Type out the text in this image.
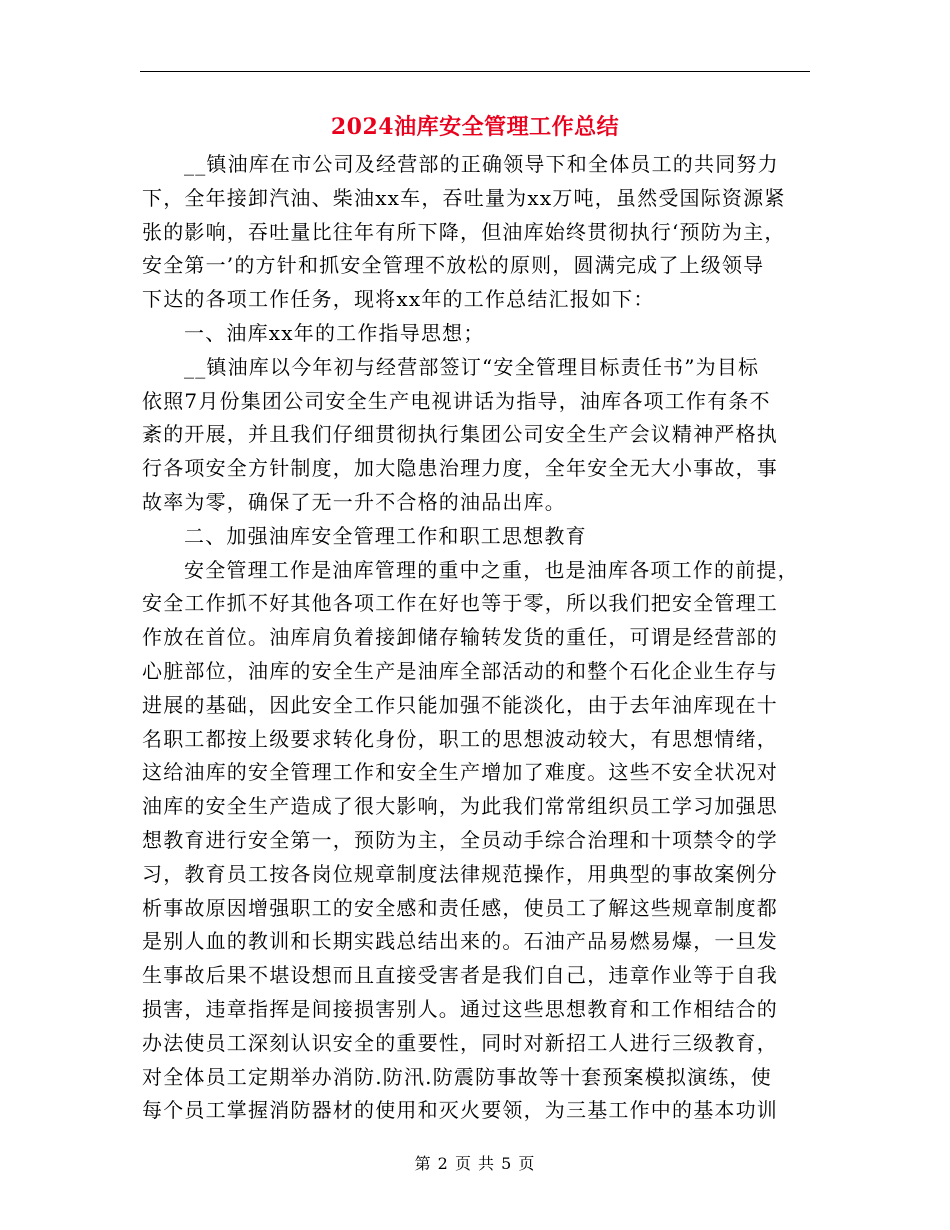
2024油库安全管理工作总结
__镇油库在市公司及经营部的正确领导下和全体员工的共同努力
下，全年接卸汽油、柴油xx车，吞吐量为xx万吨，虽然受国际资源紧
张的影响，吞吐量比往年有所下降，但油库始终贯彻执行‘预防为主，
安全第一’的方针和抓安全管理不放松的原则，圆满完成了上级领导
下达的各项工作任务，现将xx年的工作总结汇报如下：
一、油库xx年的工作指导思想；
__镇油库以今年初与经营部签订“安全管理目标责任书”为目标
依照7月份集团公司安全生产电视讲话为指导，油库各项工作有条不
紊的开展，并且我们仔细贯彻执行集团公司安全生产会议精神严格执
行各项安全方针制度，加大隐患治理力度，全年安全无大小事故，事
故率为零，确保了无一升不合格的油品出库。
二、加强油库安全管理工作和职工思想教育
安全管理工作是油库管理的重中之重，也是油库各项工作的前提，
安全工作抓不好其他各项工作在好也等于零，所以我们把安全管理工
作放在首位。油库肩负着接卸储存输转发货的重任，可谓是经营部的
心脏部位，油库的安全生产是油库全部活动的和整个石化企业生存与
进展的基础，因此安全工作只能加强不能淡化，由于去年油库现在十
名职工都按上级要求转化身份，职工的思想波动较大，有思想情绪，
这给油库的安全管理工作和安全生产增加了难度。这些不安全状况对
油库的安全生产造成了很大影响，为此我们常常组织员工学习加强思
想教育进行安全第一，预防为主，全员动手综合治理和十项禁令的学
习，教育员工按各岗位规章制度法律规范操作，用典型的事故案例分
析事故原因增强职工的安全感和责任感，使员工了解这些规章制度都
是别人血的教训和长期实践总结出来的。石油产品易燃易爆，一旦发
生事故后果不堪设想而且直接受害者是我们自己，违章作业等于自我
损害，违章指挥是间接损害别人。通过这些思想教育和工作相结合的
办法使员工深刻认识安全的重要性，同时对新招工人进行三级教育，
对全体员工定期举办消防.防汛.防震防事故等十套预案模拟演练，使
每个员工掌握消防器材的使用和灭火要领，为三基工作中的基本功训
第 2 页 共 5 页
